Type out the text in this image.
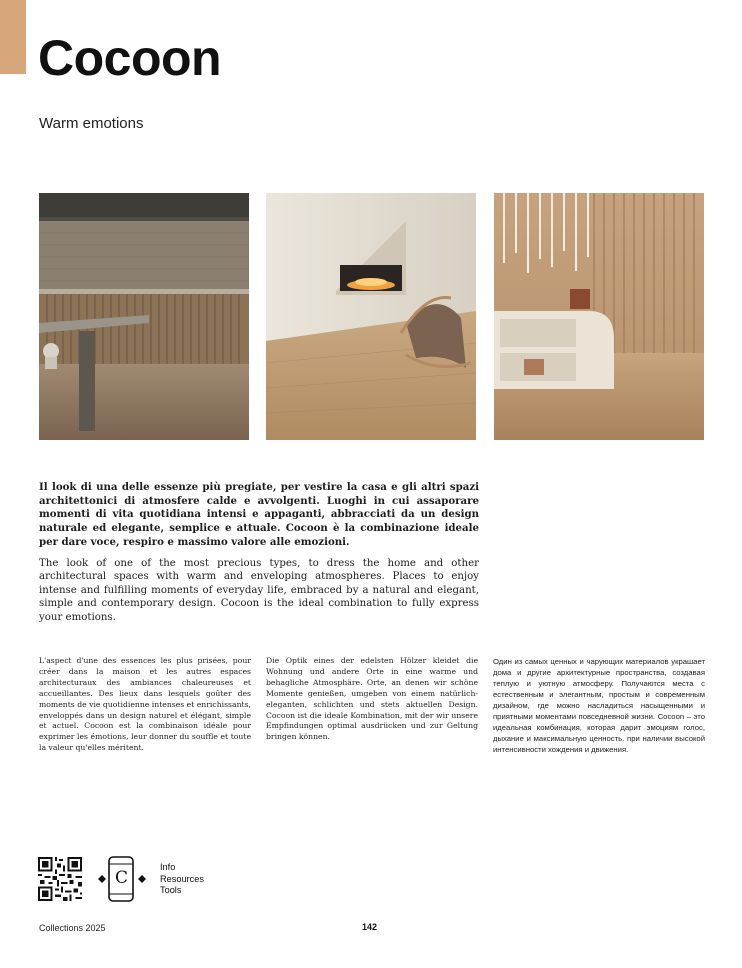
Cocoon
Warm emotions

Il look di una delle essenze più pregiate, per vestire la casa e gli altri spazi architettonici di atmosfere calde e avvolgenti. Luoghi in cui assaporare momenti di vita quotidiana intensi e appaganti, abbracciati da un design naturale ed elegante, semplice e attuale. Cocoon è la combinazione ideale per dare voce, respiro e massimo valore alle emozioni.

The look of one of the most precious types, to dress the home and other architectural spaces with warm and enveloping atmospheres. Places to enjoy intense and fulfilling moments of everyday life, embraced by a natural and elegant, simple and contemporary design. Cocoon is the ideal combination to fully express your emotions.

L'aspect d'une des essences les plus prisées, pour créer dans la maison et les autres espaces architecturaux des ambiances chaleureuses et accueillantes. Des lieux dans lesquels goûter des moments de vie quotidienne intenses et enrichissants, enveloppés dans un design naturel et élégant, simple et actuel. Cocoon est la combinaison idéale pour exprimer les émotions, leur donner du souffle et toute la valeur qu'elles méritent.

Die Optik eines der edelsten Hölzer kleidet die Wohnung und andere Orte in eine warme und behagliche Atmosphäre. Orte, an denen wir schöne Momente genießen, umgeben von einem natürlich-eleganten, schlichten und stets aktuellen Design. Cocoon ist die ideale Kombination, mit der wir unsere Empfindungen optimal ausdrücken und zur Geltung bringen können.

Один из самых ценных и чарующих материалов украшает дома и другие архитектурные пространства, создавая теплую и уютную атмосферу. Получаются места с естественным и элегантным, простым и современным дизайном, где можно насладиться насыщенными и приятными моментами повседневной жизни. Cocoon – это идеальная комбинация, которая дарит эмоциям голос, дыхание и максимальную ценность. при наличии высокой интенсивности хождения и движения.

C
Info
Resources
Tools
Collections 2025	142
